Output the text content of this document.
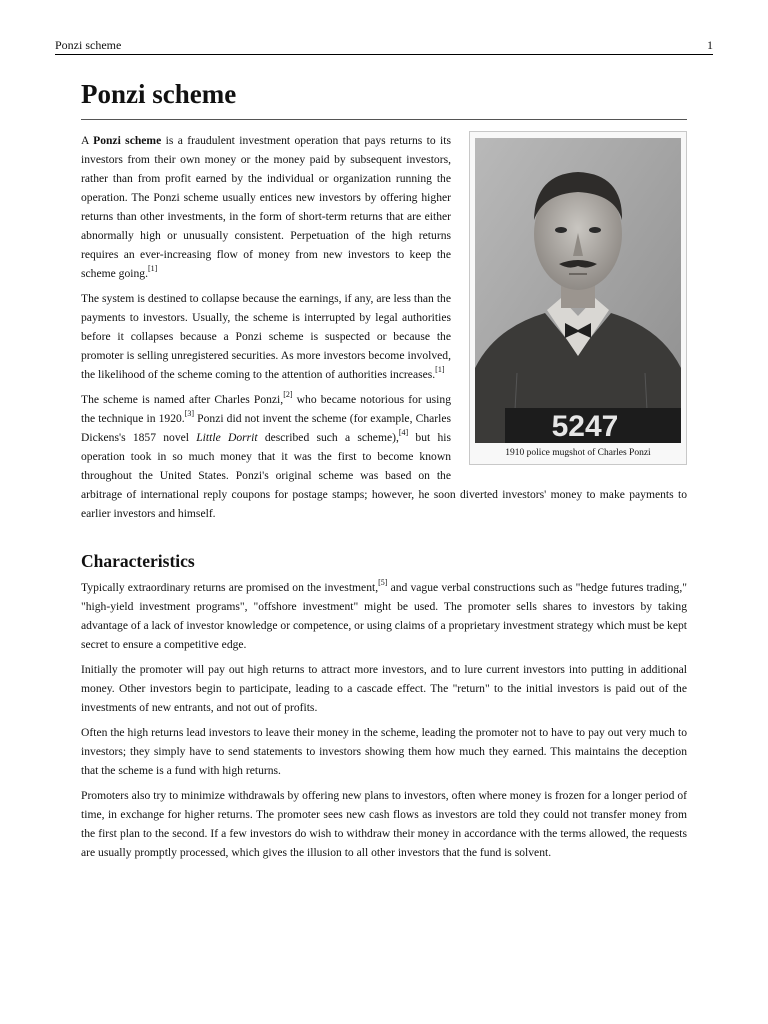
Ponzi scheme	1
Ponzi scheme
5247
1910 police mugshot of Charles Ponzi

A Ponzi scheme is a fraudulent investment operation that pays returns to its investors from their own money or the money paid by subsequent investors, rather than from profit earned by the individual or organization running the operation. The Ponzi scheme usually entices new investors by offering higher returns than other investments, in the form of short-term returns that are either abnormally high or unusually consistent. Perpetuation of the high returns requires an ever-increasing flow of money from new investors to keep the scheme going.[1]

The system is destined to collapse because the earnings, if any, are less than the payments to investors. Usually, the scheme is interrupted by legal authorities before it collapses because a Ponzi scheme is suspected or because the promoter is selling unregistered securities. As more investors become involved, the likelihood of the scheme coming to the attention of authorities increases.[1]

The scheme is named after Charles Ponzi,[2] who became notorious for using the technique in 1920.[3] Ponzi did not invent the scheme (for example, Charles Dickens's 1857 novel Little Dorrit described such a scheme),[4] but his operation took in so much money that it was the first to become known throughout the United States. Ponzi's original scheme was based on the arbitrage of international reply coupons for postage stamps; however, he soon diverted investors' money to make payments to earlier investors and himself.

Characteristics

Typically extraordinary returns are promised on the investment,[5] and vague verbal constructions such as "hedge futures trading," "high-yield investment programs", "offshore investment" might be used. The promoter sells shares to investors by taking advantage of a lack of investor knowledge or competence, or using claims of a proprietary investment strategy which must be kept secret to ensure a competitive edge.

Initially the promoter will pay out high returns to attract more investors, and to lure current investors into putting in additional money. Other investors begin to participate, leading to a cascade effect. The "return" to the initial investors is paid out of the investments of new entrants, and not out of profits.

Often the high returns lead investors to leave their money in the scheme, leading the promoter not to have to pay out very much to investors; they simply have to send statements to investors showing them how much they earned. This maintains the deception that the scheme is a fund with high returns.

Promoters also try to minimize withdrawals by offering new plans to investors, often where money is frozen for a longer period of time, in exchange for higher returns. The promoter sees new cash flows as investors are told they could not transfer money from the first plan to the second. If a few investors do wish to withdraw their money in accordance with the terms allowed, the requests are usually promptly processed, which gives the illusion to all other investors that the fund is solvent.
